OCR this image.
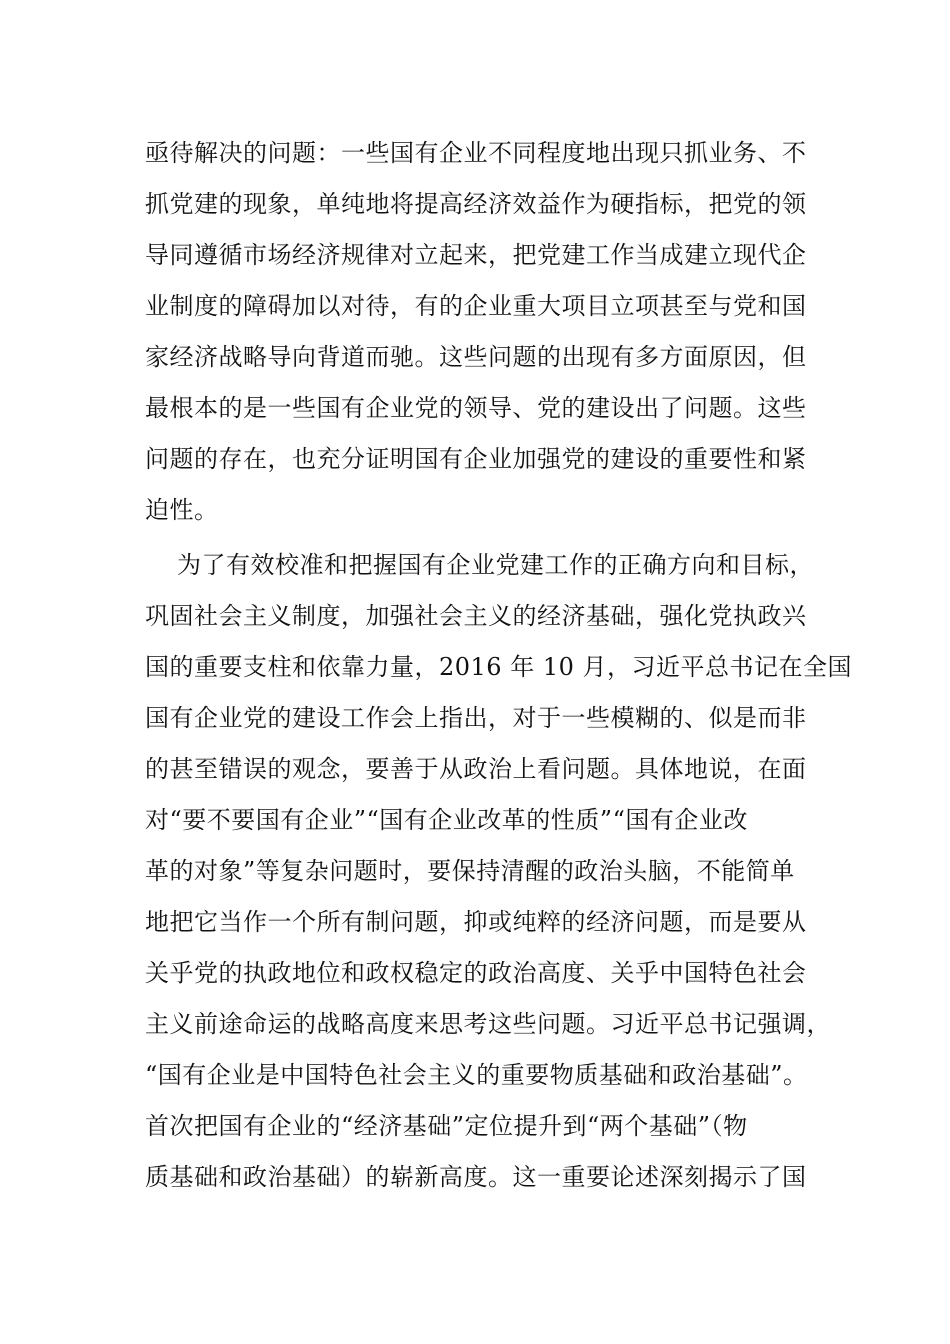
亟待解决的问题：一些国有企业不同程度地出现只抓业务、不
抓党建的现象，单纯地将提高经济效益作为硬指标，把党的领
导同遵循市场经济规律对立起来，把党建工作当成建立现代企
业制度的障碍加以对待，有的企业重大项目立项甚至与党和国
家经济战略导向背道而驰。这些问题的出现有多方面原因，但
最根本的是一些国有企业党的领导、党的建设出了问题。这些
问题的存在，也充分证明国有企业加强党的建设的重要性和紧
迫性。
为了有效校准和把握国有企业党建工作的正确方向和目标，
巩固社会主义制度，加强社会主义的经济基础，强化党执政兴
国的重要支柱和依靠力量，2016 年 10 月，习近平总书记在全国
国有企业党的建设工作会上指出，对于一些模糊的、似是而非
的甚至错误的观念，要善于从政治上看问题。具体地说，在面
对“要不要国有企业”“国有企业改革的性质”“国有企业改
革的对象”等复杂问题时，要保持清醒的政治头脑，不能简单
地把它当作一个所有制问题，抑或纯粹的经济问题，而是要从
关乎党的执政地位和政权稳定的政治高度、关乎中国特色社会
主义前途命运的战略高度来思考这些问题。习近平总书记强调，
“国有企业是中国特色社会主义的重要物质基础和政治基础”。
首次把国有企业的“经济基础”定位提升到“两个基础”（物
质基础和政治基础）的崭新高度。这一重要论述深刻揭示了国
